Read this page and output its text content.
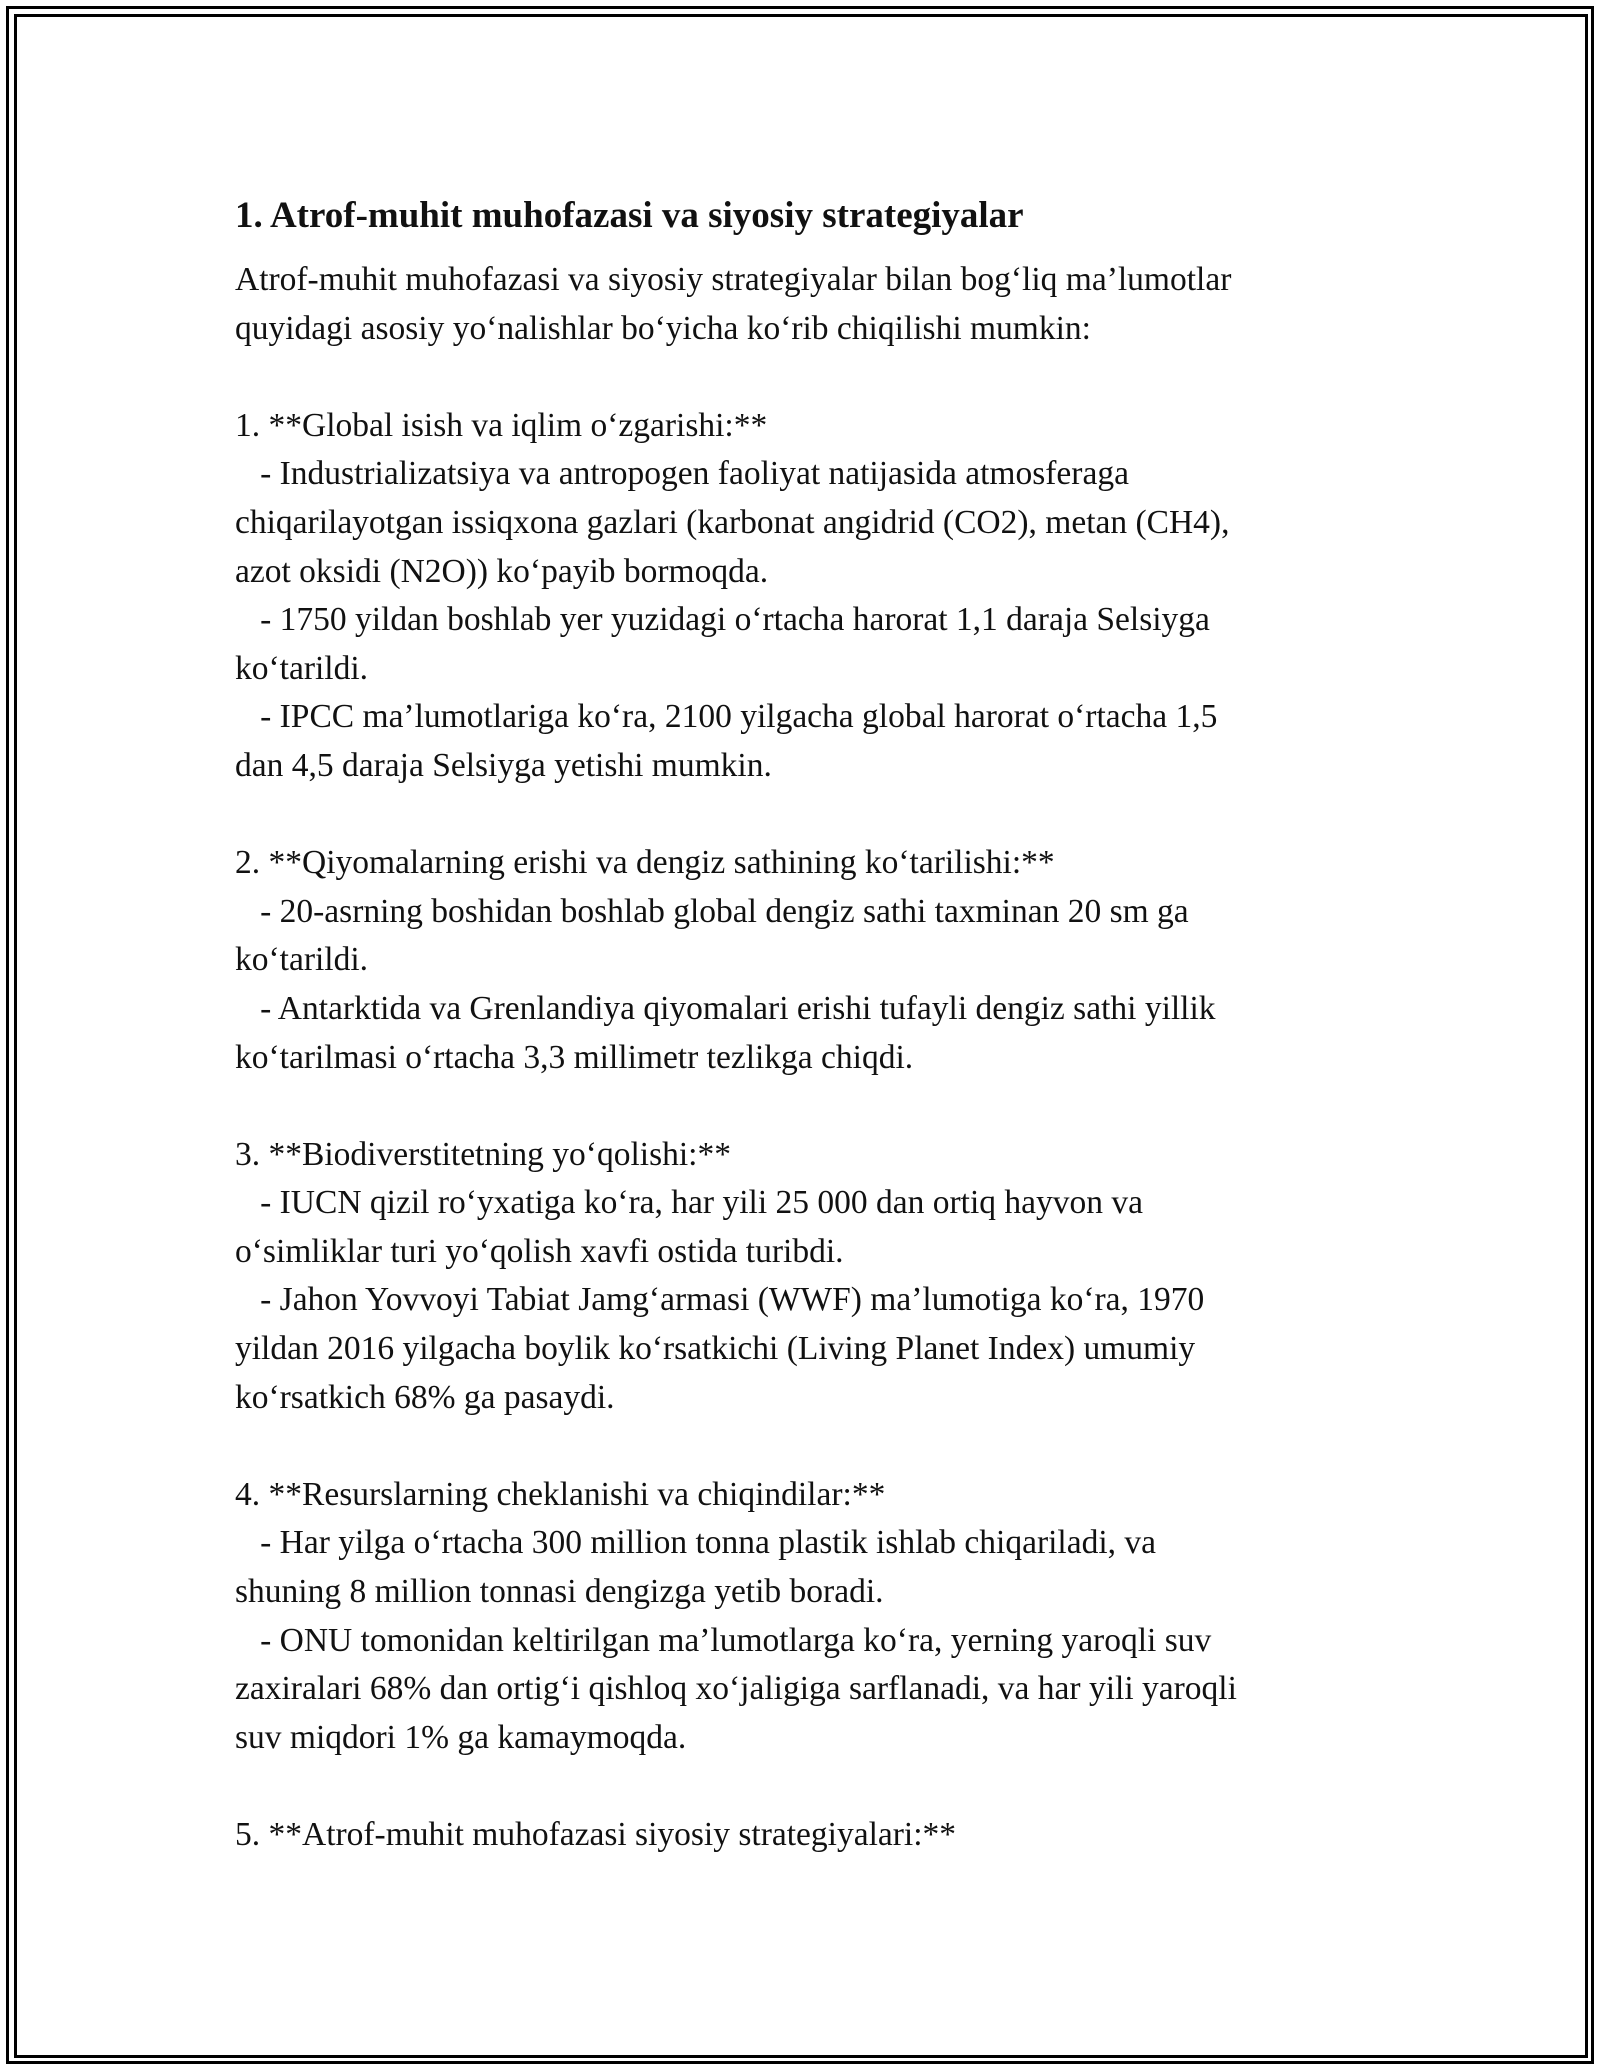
1. Atrof-muhit muhofazasi va siyosiy strategiyalar

Atrof-muhit muhofazasi va siyosiy strategiyalar bilan bog‘liq ma’lumotlar
quyidagi asosiy yo‘nalishlar bo‘yicha ko‘rib chiqilishi mumkin:

1. **Global isish va iqlim o‘zgarishi:**
- Industrializatsiya va antropogen faoliyat natijasida atmosferaga
chiqarilayotgan issiqxona gazlari (karbonat angidrid (CO2), metan (CH4),
azot oksidi (N2O)) ko‘payib bormoqda.
- 1750 yildan boshlab yer yuzidagi o‘rtacha harorat 1,1 daraja Selsiyga
ko‘tarildi.
- IPCC ma’lumotlariga ko‘ra, 2100 yilgacha global harorat o‘rtacha 1,5
dan 4,5 daraja Selsiyga yetishi mumkin.

2. **Qiyomalarning erishi va dengiz sathining ko‘tarilishi:**
- 20-asrning boshidan boshlab global dengiz sathi taxminan 20 sm ga
ko‘tarildi.
- Antarktida va Grenlandiya qiyomalari erishi tufayli dengiz sathi yillik
ko‘tarilmasi o‘rtacha 3,3 millimetr tezlikga chiqdi.

3. **Biodiverstitetning yo‘qolishi:**
- IUCN qizil ro‘yxatiga ko‘ra, har yili 25 000 dan ortiq hayvon va
o‘simliklar turi yo‘qolish xavfi ostida turibdi.
- Jahon Yovvoyi Tabiat Jamg‘armasi (WWF) ma’lumotiga ko‘ra, 1970
yildan 2016 yilgacha boylik ko‘rsatkichi (Living Planet Index) umumiy
ko‘rsatkich 68% ga pasaydi.

4. **Resurslarning cheklanishi va chiqindilar:**
- Har yilga o‘rtacha 300 million tonna plastik ishlab chiqariladi, va
shuning 8 million tonnasi dengizga yetib boradi.
- ONU tomonidan keltirilgan ma’lumotlarga ko‘ra, yerning yaroqli suv
zaxiralari 68% dan ortig‘i qishloq xo‘jaligiga sarflanadi, va har yili yaroqli
suv miqdori 1% ga kamaymoqda.

5. **Atrof-muhit muhofazasi siyosiy strategiyalari:**
